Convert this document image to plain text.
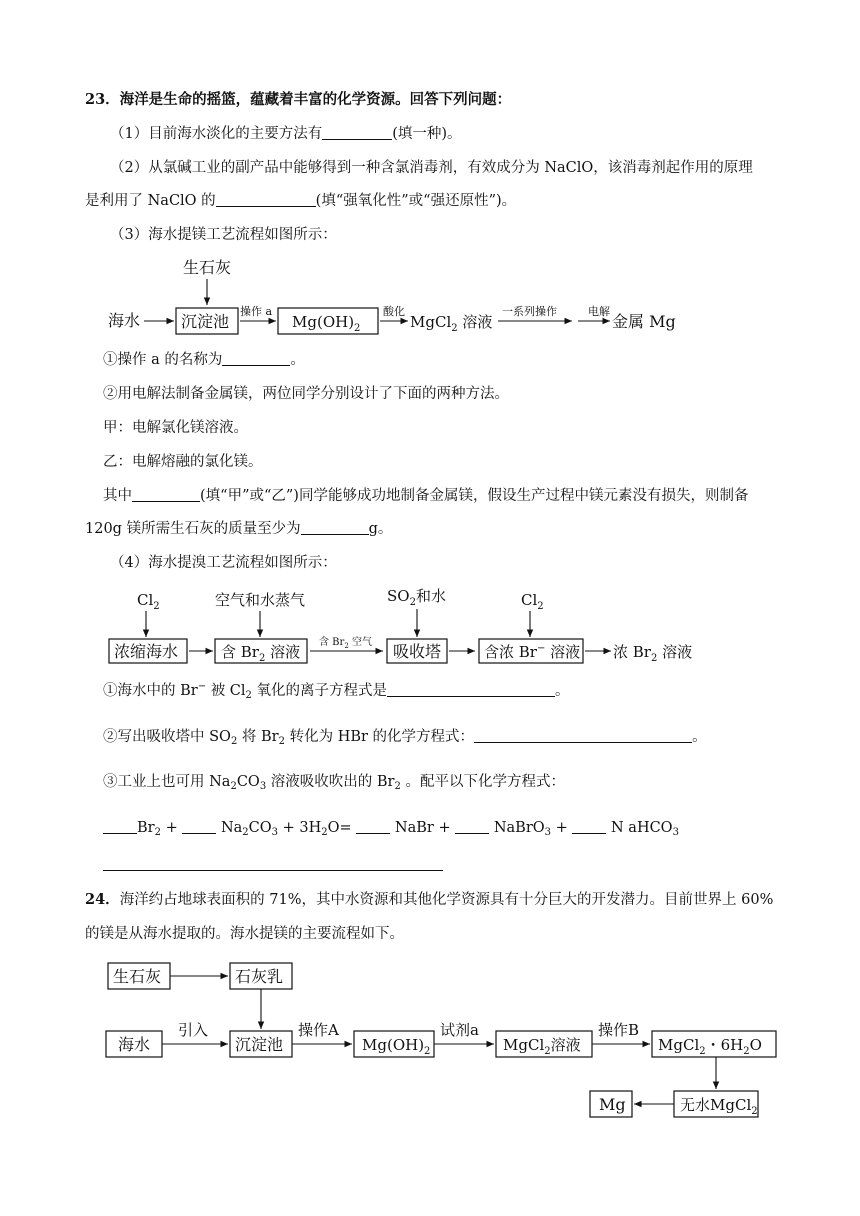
23．海洋是生命的摇篮，蕴藏着丰富的化学资源。回答下列问题：
（1）目前海水淡化的主要方法有	(填一种)。
（2）从氯碱工业的副产品中能够得到一种含氯消毒剂，有效成分为 NaClO，该消毒剂起作用的原理
是利用了 NaClO 的	(填“强氧化性”或“强还原性”)。
（3）海水提镁工艺流程如图所示：
生石灰
海水	沉淀池
操作 a
$Mg(OH)_2$
酸化
MgCl$_2$ 溶液
一系列操作	电解
金属 Mg
①操作 a 的名称为	。
②用电解法制备金属镁，两位同学分别设计了下面的两种方法。
甲：电解氯化镁溶液。
乙：电解熔融的氯化镁。
其中	(填“甲”或“乙”)同学能够成功地制备金属镁，假设生产过程中镁元素没有损失，则制备
120g 镁所需生石灰的质量至少为	g。
（4）海水提溴工艺流程如图所示：
$Cl_2$	空气和水蒸气	$SO_2$和水	$Cl_2$
浓缩海水	含 $Br_2$ 溶液
含 $Br_2$ 空气 吸收塔	含浓 Br− 溶液 浓 $Br_2$ 溶液
①海水中的 Br− 被 $Cl_2$ 氧化的离子方程式是	。
②写出吸收塔中 $SO_2$ 将 $Br_2$ 转化为 HBr 的化学方程式：	。
③工业上也可用 $Na_2CO_3$ 溶液吸收吹出的 $Br_2$ 。配平以下化学方程式：
$Br_2 + Na_2CO_3 + 3H_2O=$  NaBr +  NaBrO$_3$ +  N aHCO$_3$
24．海洋约占地球表面积的 71%，其中水资源和其他化学资源具有十分巨大的开发潜力。目前世界上 60%
的镁是从海水提取的。海水提镁的主要流程如下。
生石灰	石灰乳
海水
引入
沉淀池
操作A
$Mg(OH)_2$
试剂a
MgCl$_2$溶液
操作B
MgCl$_2$・$6H_2O$
无水MgCl$_2$
Mg
